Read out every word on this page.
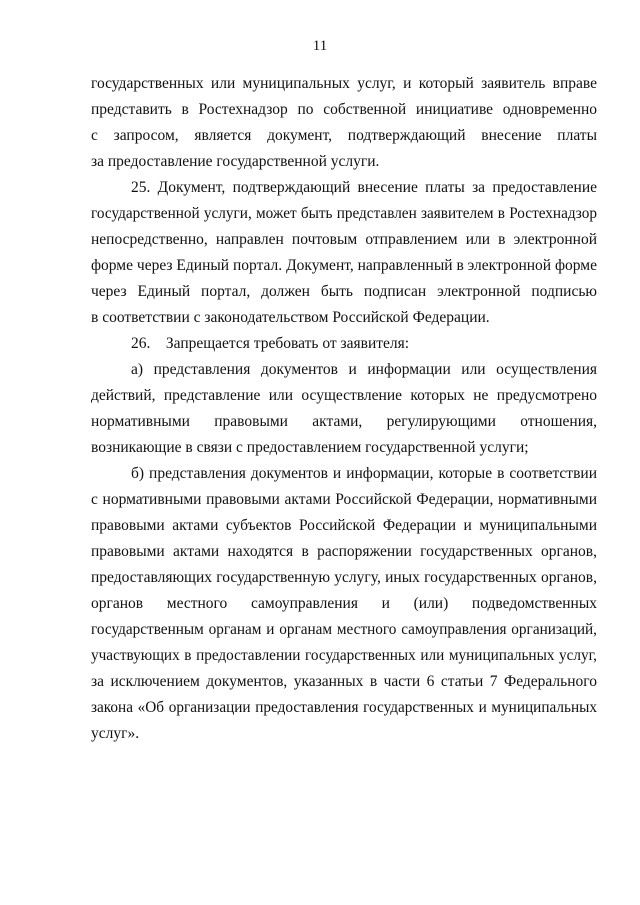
11
государственных или муниципальных услуг, и который заявитель вправе
представить в Ростехнадзор по собственной инициативе одновременно
с запросом, является документ, подтверждающий внесение платы
за предоставление государственной услуги.
25. Документ, подтверждающий внесение платы за предоставление
государственной услуги, может быть представлен заявителем в Ростехнадзор
непосредственно, направлен почтовым отправлением или в электронной
форме через Единый портал. Документ, направленный в электронной форме
через Единый портал, должен быть подписан электронной подписью
в соответствии с законодательством Российской Федерации.
26.    Запрещается требовать от заявителя:
а) представления документов и информации или осуществления
действий, представление или осуществление которых не предусмотрено
нормативными правовыми актами, регулирующими отношения,
возникающие в связи с предоставлением государственной услуги;
б) представления документов и информации, которые в соответствии
с нормативными правовыми актами Российской Федерации, нормативными
правовыми актами субъектов Российской Федерации и муниципальными
правовыми актами находятся в распоряжении государственных органов,
предоставляющих государственную услугу, иных государственных органов,
органов местного самоуправления и (или) подведомственных
государственным органам и органам местного самоуправления организаций,
участвующих в предоставлении государственных или муниципальных услуг,
за исключением документов, указанных в части 6 статьи 7 Федерального
закона «Об организации предоставления государственных и муниципальных
услуг».
